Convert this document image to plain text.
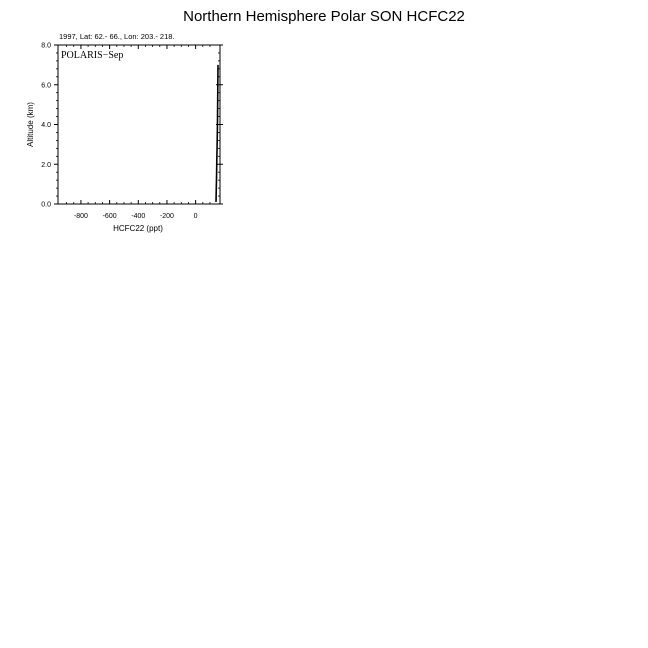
Northern Hemisphere Polar SON HCFC22
-800 -600 -400 -200	0
0.0
2.0
4.0
6.0
8.0
1997, Lat: 62.- 66., Lon: 203.- 218.
POLARIS−Sep
HCFC22 (ppt)
Altitude (km)
